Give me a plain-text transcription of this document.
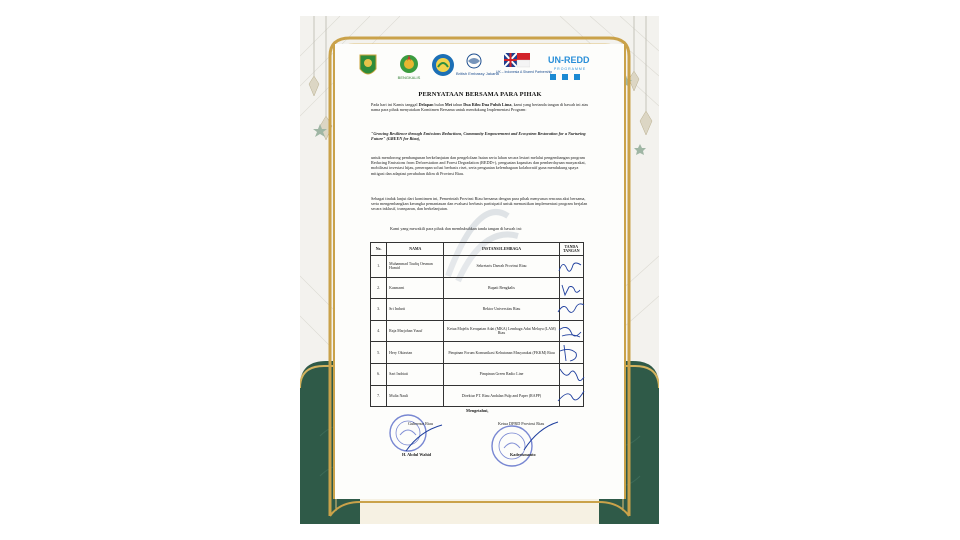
BENGKALIS
British Embassy Jakarta
UK – Indonesia A Shared Partnership
UN-REDD
PROGRAMME
PERNYATAAN BERSAMA PARA PIHAK
Pada hari ini Kamis tanggal Delapan bulan Mei tahun Dua Ribu Dua Puluh Lima, kami yang bertanda tangan di bawah ini atas nama para pihak menyatakan Komitmen Bersama untuk mendukung Implementasi Program:
"Growing Resilience through Emissions Reductions, Community Empowerment and Ecosystem Restoration for a Nurturing Future" (GREEN for Riau),
untuk mendorong pembangunan berkelanjutan dan pengelolaan hutan serta lahan secara lestari melalui pengembangan program Reducing Emissions from Deforestation and Forest Degradation (REDD+), penguatan kapasitas dan pemberdayaan masyarakat, mobilisasi investasi hijau, penerapan solusi berbasis riset, serta penguatan kelembagaan kolaboratif guna mendukung upaya mitigasi dan adaptasi perubahan iklim di Provinsi Riau.
Sebagai tindak lanjut dari komitmen ini, Pemerintah Provinsi Riau bersama dengan para pihak menyusun rencana aksi bersama, serta mengembangkan kerangka pemantauan dan evaluasi berbasis partisipatif untuk memastikan implementasi program berjalan secara inklusif, transparan, dan berkelanjutan.
Kami yang mewakili para pihak dan membubuhkan tanda tangan di bawah ini:
No.	NAMA	INSTANSI/LEMBAGA	TANDA TANGAN
1.	Muhammad Taufiq Oesman Hamid	Sekretaris Daerah Provinsi Riau	

2.	Kasmarni	Bupati Bengkalis	

3.	Sri Indarti	Rektor Universitas Riau	

4.	Raja Marjohan Yusuf	Ketua Majelis Kerapatan Adat (MKA) Lembaga Adat Melayu (LAM) Riau	

5.	Hery Oktavian	Pimpinan Forum Komunikasi Kehutanan Masyarakat (FKKM) Riau	

6.	Sari Indriati	Pimpinan Green Radio Line	

7.	Mulia Nauli	Direktur PT. Riau Andalan Pulp and Paper (RAPP)	
Mengetahui,
Gubernur Riau
H. Abdul Wahid
Ketua DPRD Provinsi Riau
Kaderismanto
